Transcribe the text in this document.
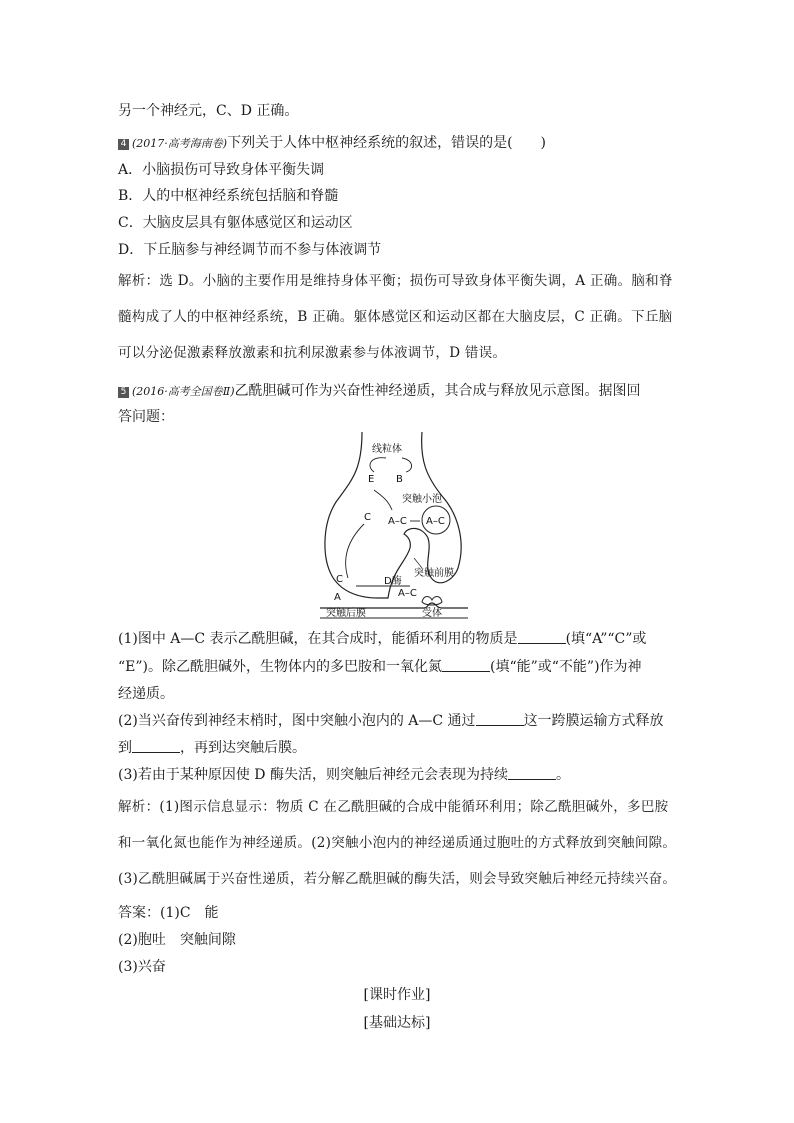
另一个神经元，C、D 正确。
4 (2017·高考海南卷)下列关于人体中枢神经系统的叙述，错误的是(　　)
A．小脑损伤可导致身体平衡失调
B．人的中枢神经系统包括脑和脊髓
C．大脑皮层具有躯体感觉区和运动区
D．下丘脑参与神经调节而不参与体液调节
解析：选 D。小脑的主要作用是维持身体平衡；损伤可导致身体平衡失调，A 正确。脑和脊
髓构成了人的中枢神经系统，B 正确。躯体感觉区和运动区都在大脑皮层，C 正确。下丘脑
可以分泌促激素释放激素和抗利尿激素参与体液调节，D 错误。
5 (2016·高考全国卷Ⅱ)乙酰胆碱可作为兴奋性神经递质，其合成与释放见示意图。据图回
答问题：
线粒体
E B
突触小泡
C A–C A–C
突触前膜
C	D酶
A	A–C
突触后膜	受体
(1)图中 A—C 表示乙酰胆碱，在其合成时，能循环利用的物质是	(填“A”“C”或
“E”)。除乙酰胆碱外，生物体内的多巴胺和一氧化氮	(填“能”或“不能”)作为神
经递质。
(2)当兴奋传到神经末梢时，图中突触小泡内的 A—C 通过	这一跨膜运输方式释放
到	，再到达突触后膜。
(3)若由于某种原因使 D 酶失活，则突触后神经元会表现为持续	。
解析：(1)图示信息显示：物质 C 在乙酰胆碱的合成中能循环利用；除乙酰胆碱外，多巴胺
和一氧化氮也能作为神经递质。(2)突触小泡内的神经递质通过胞吐的方式释放到突触间隙。
(3)乙酰胆碱属于兴奋性递质，若分解乙酰胆碱的酶失活，则会导致突触后神经元持续兴奋。
答案：(1)C　能
(2)胞吐　突触间隙
(3)兴奋
[课时作业]
[基础达标]
